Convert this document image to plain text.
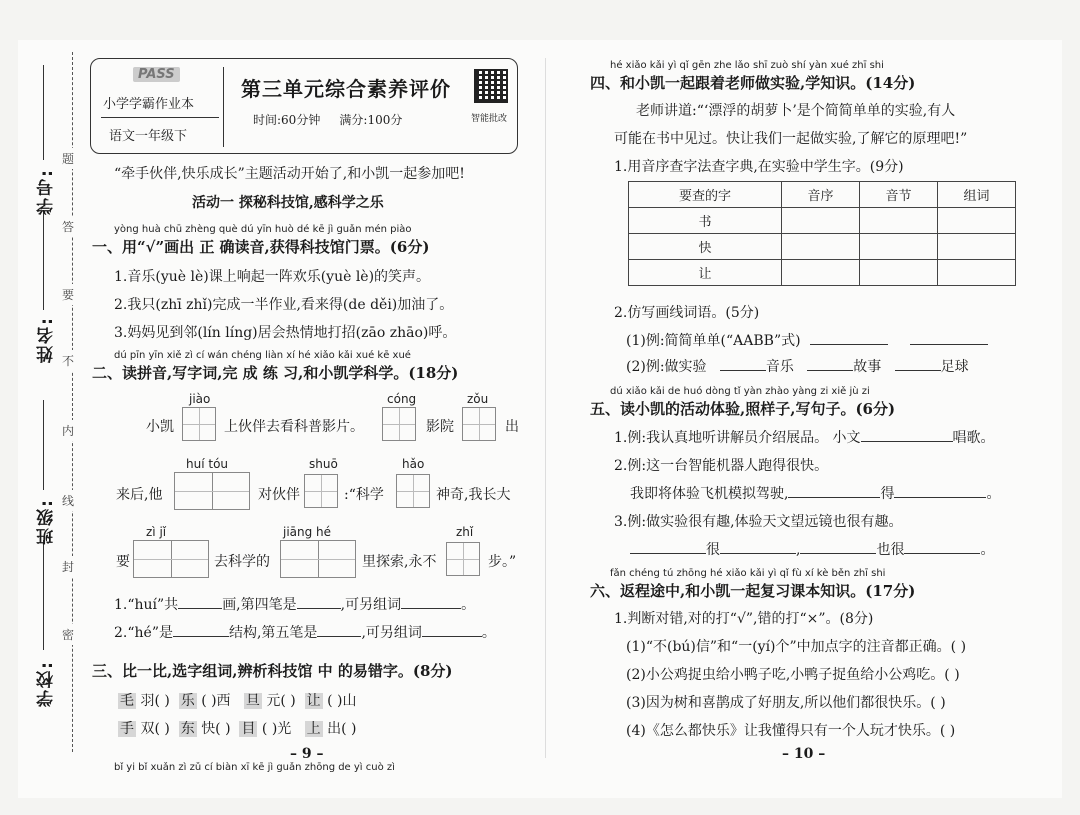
学校:
班级:
姓名:
学号:
题
答
要
不
内
线
封
密
PASS
小学学霸作业本
语文一年级下
第三单元综合素养评价
时间:60分钟 满分:100分	智能批改
“牵手伙伴,快乐成长”主题活动开始了,和小凯一起参加吧!
活动一 探秘科技馆,感科学之乐
yòng huà chū zhèng què dú yīn huò dé kē jì guǎn mén piào
一、用“√”画出 正 确读音,获得科技馆门票。(6分)
1.音乐(yuè lè)课上响起一阵欢乐(yuè lè)的笑声。
2.我只(zhī zhǐ)完成一半作业,看来得(de děi)加油了。
3.妈妈见到邻(lín líng)居会热情地打招(zāo zhāo)呼。
dú pīn yīn xiě zì cí wán chéng liàn xí hé xiǎo kǎi xué kē xué
二、读拼音,写字词,完 成 练 习,和小凯学科学。(18分)
jiào	cóng	zǒu
小凯	上伙伴去看科普影片。	影院	出
huí tóu	shuō	hǎo
来后,他	对伙伴	:“科学	神奇,我长大
zì jǐ	jiāng hé	zhǐ
要	去科学的	里探索,永不	步。”
1.“huí”共	画,第四笔是	,可另组词	。
2.“hé”是	结构,第五笔是	,可另组词	。
三、比一比,选字组词,辨析科技馆 中 的易错字。(8分)
毛 羽( ) 乐 ( )西 旦 元( ) 让 ( )山
手 双( ) 东 快( ) 目 ( )光 上 出( )
bǐ yi bǐ xuǎn zì zǔ cí biàn xī kē jì guǎn zhōng de yì cuò zì
– 9 –
hé xiǎo kǎi yì qǐ gēn zhe lǎo shī zuò shí yàn xué zhī shi
四、和小凯一起跟着老师做实验,学知识。(14分)
老师讲道:“‘漂浮的胡萝卜’是个简简单单的实验,有人
可能在书中见过。快让我们一起做实验,了解它的原理吧!”
1.用音序查字法查字典,在实验中学生字。(9分)
要查的字	音序	音节	组词
书			
快			
让			
2.仿写画线词语。(5分)
(1)例:简简单单(“AABB”式)
(2)例:做实验	音乐	故事	足球
dú xiǎo kǎi de huó dòng tǐ yàn zhào yàng zi xiě jù zi
五、读小凯的活动体验,照样子,写句子。(6分)
1.例:我认真地听讲解员介绍展品。 小文	唱歌。
2.例:这一台智能机器人跑得很快。
我即将体验飞机模拟驾驶,	得	。
3.例:做实验很有趣,体验天文望远镜也很有趣。
很	,	也很	。
fǎn chéng tú zhōng hé xiǎo kǎi yì qǐ fù xí kè běn zhī shi
六、返程途中,和小凯一起复习课本知识。(17分)
1.判断对错,对的打“√”,错的打“×”。(8分)
(1)“不(bú)信”和“一(yí)个”中加点字的注音都正确。( )
(2)小公鸡捉虫给小鸭子吃,小鸭子捉鱼给小公鸡吃。( )
(3)因为树和喜鹊成了好朋友,所以他们都很快乐。( )
(4)《怎么都快乐》让我懂得只有一个人玩才快乐。( )
– 10 –
